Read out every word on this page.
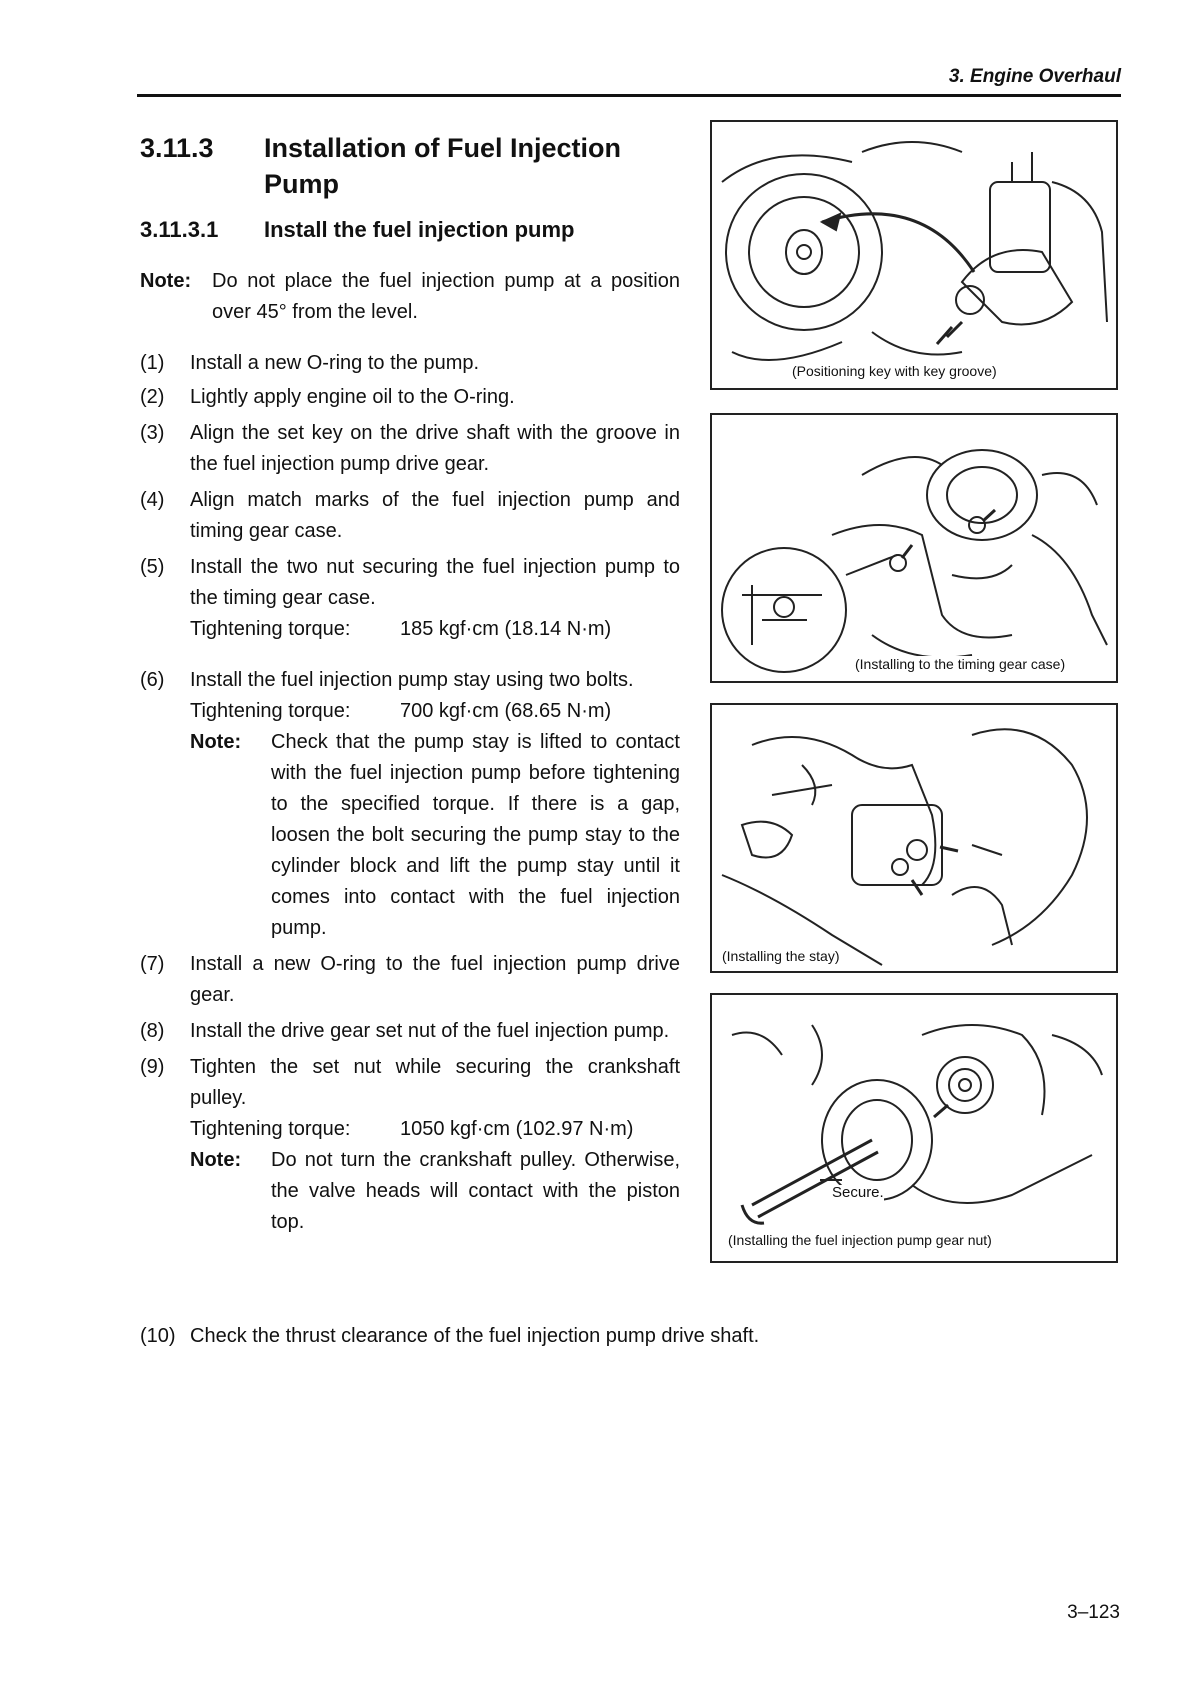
3. Engine Overhaul
3.11.3 Installation of Fuel Injection Pump
3.11.3.1 Install the fuel injection pump
Note: Do not place the fuel injection pump at a position over 45° from the level.
(1) Install a new O-ring to the pump.
(2) Lightly apply engine oil to the O-ring.
(3) Align the set key on the drive shaft with the groove in the fuel injection pump drive gear.
(4) Align match marks of the fuel injection pump and timing gear case.
(5) Install the two nut securing the fuel injection pump to the timing gear case.
Tightening torque:	185 kgf·cm (18.14 N·m)
(6) Install the fuel injection pump stay using two bolts.
Tightening torque:	700 kgf·cm (68.65 N·m)
Note: Check that the pump stay is lifted to contact with the fuel injection pump before tightening to the specified torque. If there is a gap, loosen the bolt securing the pump stay to the cylinder block and lift the pump stay until it comes into contact with the fuel injection pump.
(7) Install a new O-ring to the fuel injection pump drive gear.
(8) Install the drive gear set nut of the fuel injection pump.
(9) Tighten the set nut while securing the crankshaft pulley.
Tightening torque:	1050 kgf·cm (102.97 N·m)
Note: Do not turn the crankshaft pulley. Otherwise, the valve heads will contact with the piston top.
(10) Check the thrust clearance of the fuel injection pump drive shaft.
(Positioning key with key groove)
(Installing to the timing gear case)
(Installing the stay)
Secure.
(Installing the fuel injection pump gear nut)
3–123
